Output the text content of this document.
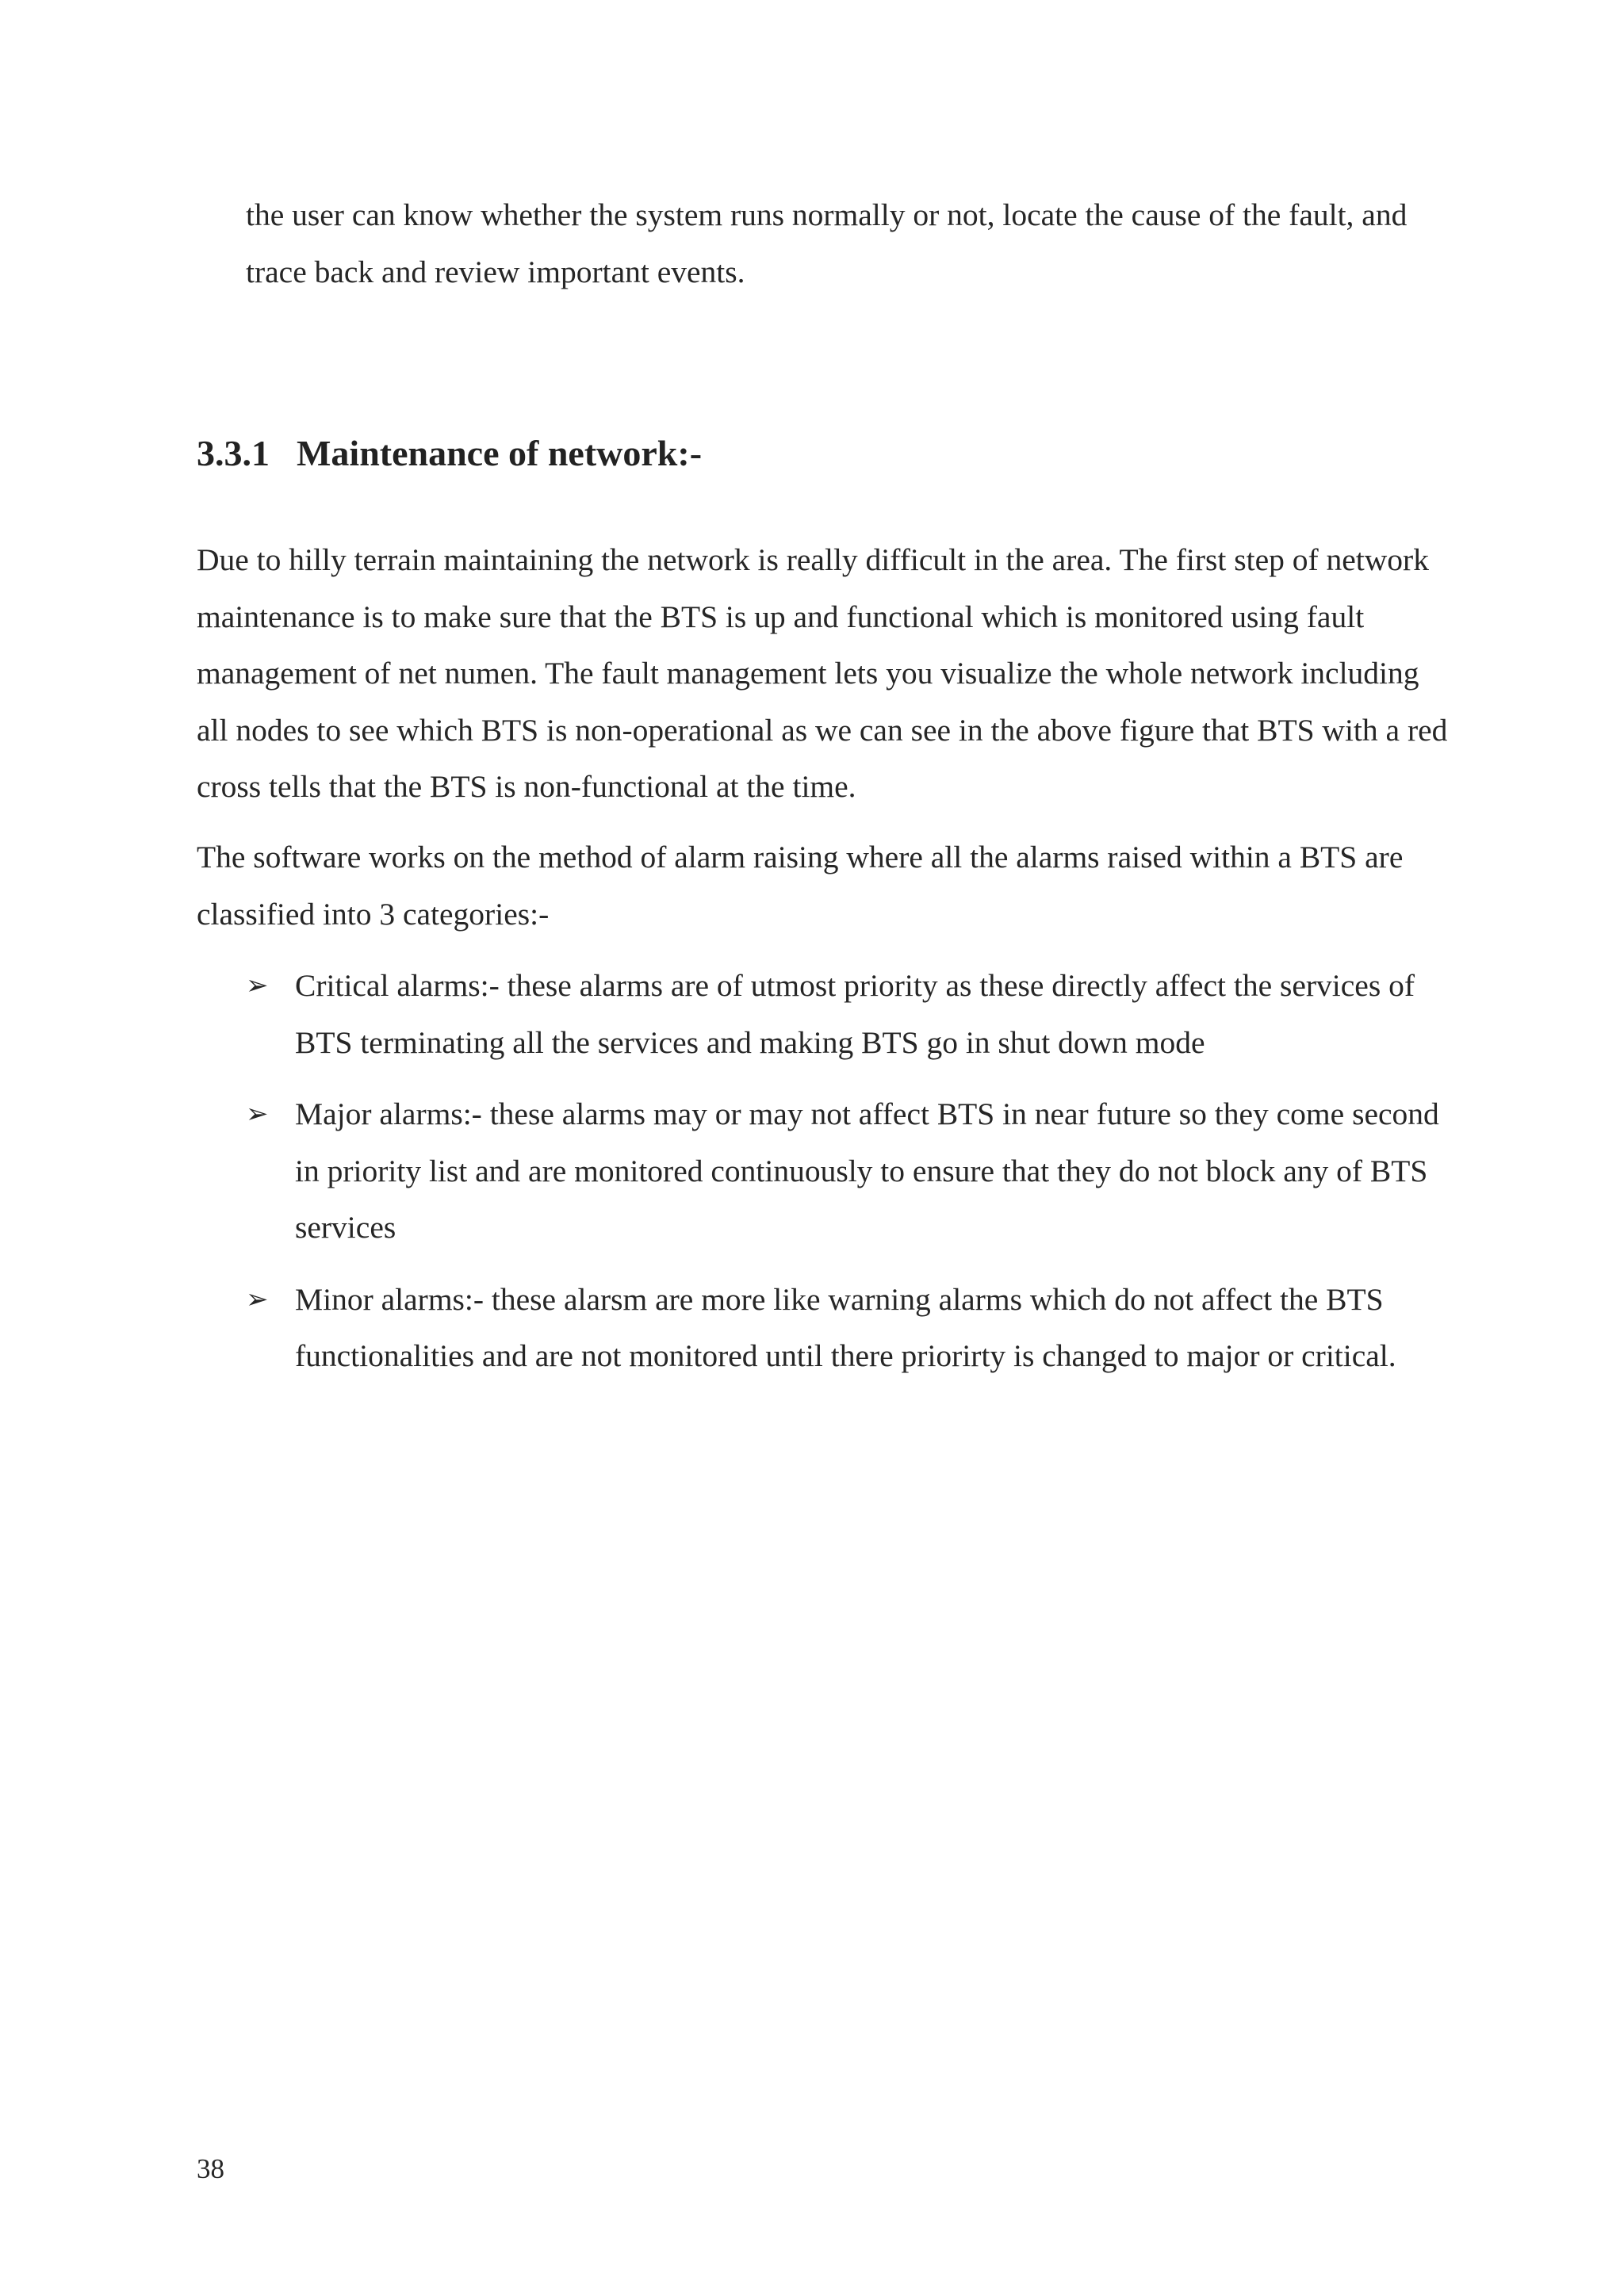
the user can know whether the system runs normally or not, locate the cause of the fault, and trace back and review important events.

3.3.1 Maintenance of network:-

Due to hilly terrain maintaining the network is really difficult in the area. The first step of network maintenance is to make sure that the BTS is up and functional which is monitored using fault management of net numen. The fault management lets you visualize the whole network including all nodes to see which BTS is non-operational as we can see in the above figure that BTS with a red cross tells that the BTS is non-functional at the time.

The software works on the method of alarm raising where all the alarms raised within a BTS are classified into 3 categories:-

➢ Critical alarms:- these alarms are of utmost priority as these directly affect the services of BTS terminating all the services and making BTS go in shut down mode
➢ Major alarms:- these alarms may or may not affect BTS in near future so they come second in priority list and are monitored continuously to ensure that they do not block any of BTS services
➢ Minor alarms:- these alarsm are more like warning alarms which do not affect the BTS functionalities and are not monitored until there priorirty is changed to major or critical.

38
